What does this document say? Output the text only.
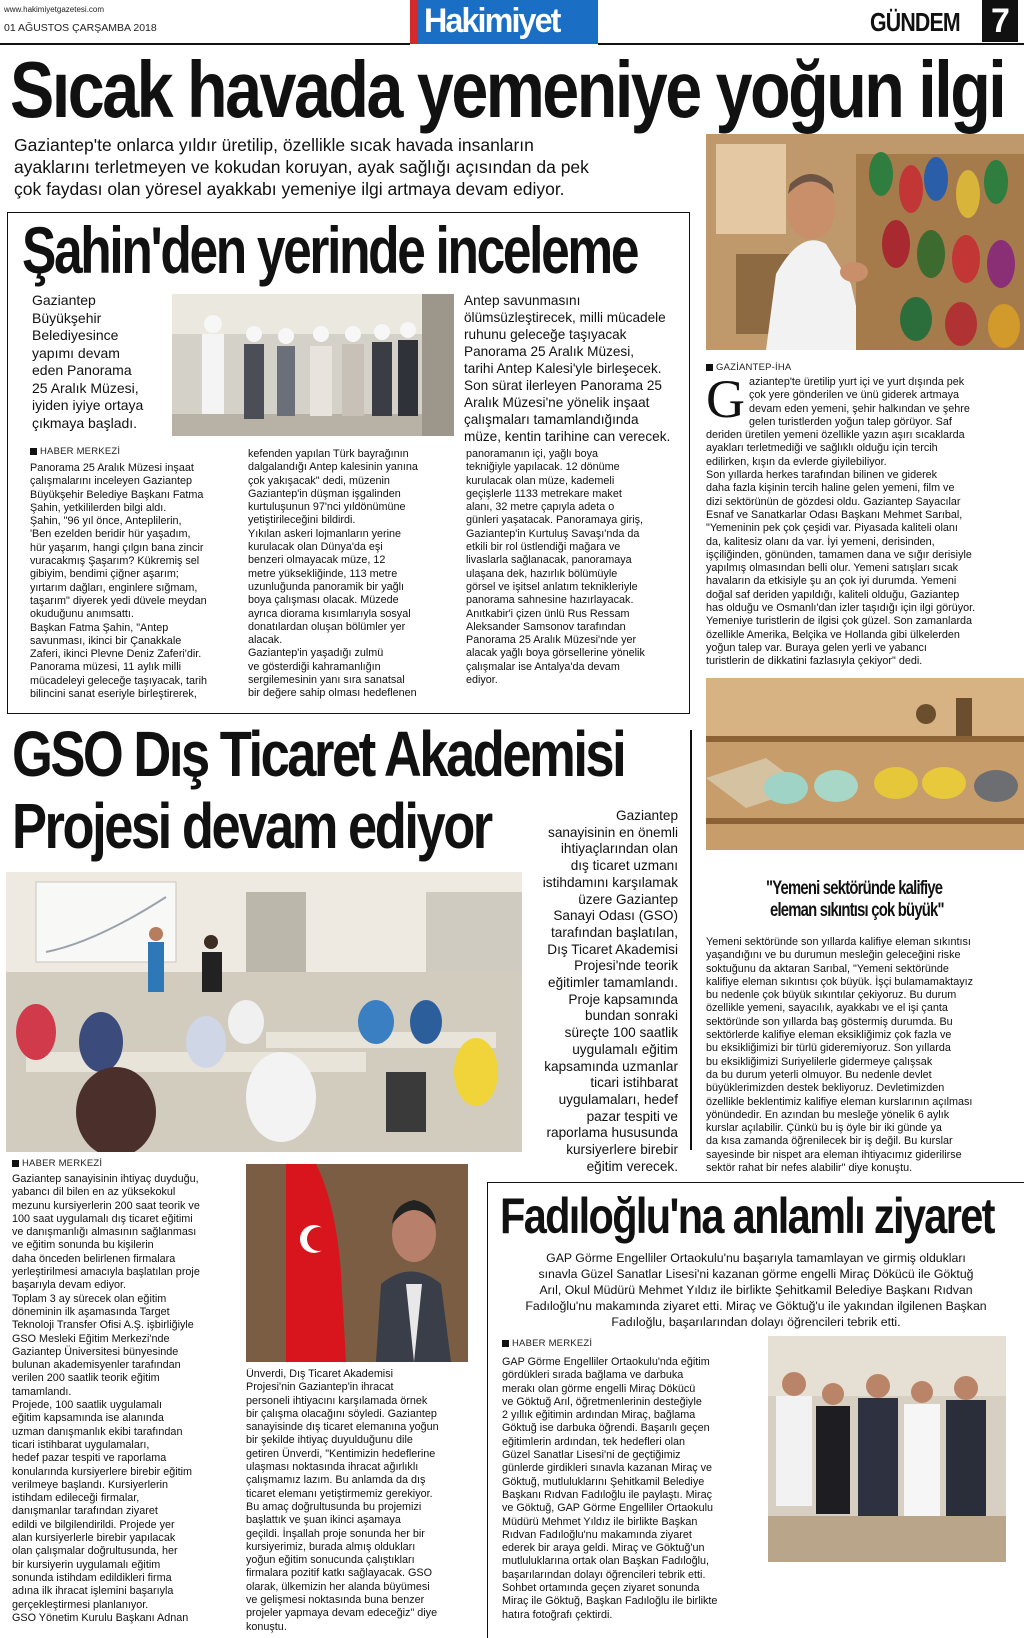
www.hakimiyetgazetesi.com
01 AĞUSTOS ÇARŞAMBA 2018	Hakimiyet	GÜNDEM 7
Sıcak havada yemeniye yoğun ilgi
Gaziantep'te onlarca yıldır üretilip, özellikle sıcak havada insanların
ayaklarını terletmeyen ve kokudan koruyan, ayak sağlığı açısından da pek
çok faydası olan yöresel ayakkabı yemeniye ilgi artmaya devam ediyor.
GAZİANTEP-İHA
G aziantep'te üretilip yurt içi ve yurt dışında pek
çok yere gönderilen ve ünü giderek artmaya
devam eden yemeni, şehir halkından ve şehre
gelen turistlerden yoğun talep görüyor. Saf
deriden üretilen yemeni özellikle yazın aşırı sıcaklarda
ayakları terletmediği ve sağlıklı olduğu için tercih
edilirken, kışın da evlerde giyilebiliyor.
Son yıllarda herkes tarafından bilinen ve giderek
daha fazla kişinin tercih haline gelen yemeni, film ve
dizi sektörünün de gözdesi oldu. Gaziantep Sayacılar
Esnaf ve Sanatkarlar Odası Başkanı Mehmet Sarıbal,
"Yemeninin pek çok çeşidi var. Piyasada kaliteli olanı
da, kalitesiz olanı da var. İyi yemeni, derisinden,
işçiliğinden, gönünden, tamamen dana ve sığır derisiyle
yapılmış olmasından belli olur. Yemeni satışları sıcak
havaların da etkisiyle şu an çok iyi durumda. Yemeni
doğal saf deriden yapıldığı, kaliteli olduğu, Gaziantep
has olduğu ve Osmanlı'dan izler taşıdığı için ilgi görüyor.
Yemeniye turistlerin de ilgisi çok güzel. Son zamanlarda
özellikle Amerika, Belçika ve Hollanda gibi ülkelerden
yoğun talep var. Buraya gelen yerli ve yabancı
turistlerin de dikkatini fazlasıyla çekiyor" dedi.
"Yemeni sektöründe kalifiye
eleman sıkıntısı çok büyük"
Yemeni sektöründe son yıllarda kalifiye eleman sıkıntısı
yaşandığını ve bu durumun mesleğin geleceğini riske
soktuğunu da aktaran Sarıbal, "Yemeni sektöründe
kalifiye eleman sıkıntısı çok büyük. İşçi bulamamaktayız
bu nedenle çok büyük sıkıntılar çekiyoruz. Bu durum
özellikle yemeni, sayacılık, ayakkabı ve el işi çanta
sektöründe son yıllarda baş göstermiş durumda. Bu
sektörlerde kalifiye eleman eksikliğimiz çok fazla ve
bu eksikliğimizi bir türlü gideremiyoruz. Son yıllarda
bu eksikliğimizi Suriyelilerle gidermeye çalışsak
da bu durum yeterli olmuyor. Bu nedenle devlet
büyüklerimizden destek bekliyoruz. Devletimizden
özellikle beklentimiz kalifiye eleman kurslarının açılması
yönündedir. En azından bu mesleğe yönelik 6 aylık
kurslar açılabilir. Çünkü bu iş öyle bir iki günde ya
da kısa zamanda öğrenilecek bir iş değil. Bu kurslar
sayesinde bir nispet ara eleman ihtiyacımız giderilirse
sektör rahat bir nefes alabilir" diye konuştu.
Şahin'den yerinde inceleme
Gaziantep
Büyükşehir
Belediyesince
yapımı devam
eden Panorama
25 Aralık Müzesi,
iyiden iyiye ortaya
çıkmaya başladı.
Antep savunmasını
ölümsüzleştirecek, milli mücadele
ruhunu geleceğe taşıyacak
Panorama 25 Aralık Müzesi,
tarihi Antep Kalesi'yle birleşecek.
Son sürat ilerleyen Panorama 25
Aralık Müzesi'ne yönelik inşaat
çalışmaları tamamlandığında
müze, kentin tarihine can verecek.
HABER MERKEZİ
Panorama 25 Aralık Müzesi inşaat
çalışmalarını inceleyen Gaziantep
Büyükşehir Belediye Başkanı Fatma
Şahin, yetkililerden bilgi aldı.
Şahin, "96 yıl önce, Anteplilerin,
'Ben ezelden beridir hür yaşadım,
hür yaşarım, hangi çılgın bana zincir
vuracakmış Şaşarım? Kükremiş sel
gibiyim, bendimi çiğner aşarım;
yırtarım dağları, enginlere sığmam,
taşarım" diyerek yedi düvele meydan
okuduğunu anımsattı.
Başkan Fatma Şahin, "Antep
savunması, ikinci bir Çanakkale
Zaferi, ikinci Plevne Deniz Zaferi'dir.
Panorama müzesi, 11 aylık milli
mücadeleyi geleceğe taşıyacak, tarih
bilincini sanat eseriyle birleştirerek,
kefenden yapılan Türk bayrağının
dalgalandığı Antep kalesinin yanına
çok yakışacak" dedi, müzenin
Gaziantep'in düşman işgalinden
kurtuluşunun 97'nci yıldönümüne
yetiştirileceğini bildirdi.
Yıkılan askeri lojmanların yerine
kurulacak olan Dünya'da eşi
benzeri olmayacak müze, 12
metre yüksekliğinde, 113 metre
uzunluğunda panoramik bir yağlı
boya çalışması olacak. Müzede
ayrıca diorama kısımlarıyla sosyal
donatılardan oluşan bölümler yer
alacak.
Gaziantep'in yaşadığı zulmü
ve gösterdiği kahramanlığın
sergilemesinin yanı sıra sanatsal
bir değere sahip olması hedeflenen
panoramanın içi, yağlı boya
tekniğiyle yapılacak. 12 dönüme
kurulacak olan müze, kademeli
geçişlerle 1133 metrekare maket
alanı, 32 metre çapıyla adeta o
günleri yaşatacak. Panoramaya giriş,
Gaziantep'in Kurtuluş Savaşı'nda da
etkili bir rol üstlendiği mağara ve
livaslarla sağlanacak, panoramaya
ulaşana dek, hazırlık bölümüyle
görsel ve işitsel anlatım teknikleriyle
panorama sahnesine hazırlayacak.
Anıtkabir'i çizen ünlü Rus Ressam
Aleksander Samsonov tarafından
Panorama 25 Aralık Müzesi'nde yer
alacak yağlı boya görsellerine yönelik
çalışmalar ise Antalya'da devam
ediyor.
GSO Dış Ticaret Akademisi
Projesi devam ediyor	Gaziantep
sanayisinin en önemli
ihtiyaçlarından olan
dış ticaret uzmanı
istihdamını karşılamak
üzere Gaziantep
Sanayi Odası (GSO)
tarafından başlatılan,
Dış Ticaret Akademisi
Projesi'nde teorik
eğitimler tamamlandı.
Proje kapsamında
bundan sonraki
süreçte 100 saatlik
uygulamalı eğitim
kapsamında uzmanlar
ticari istihbarat
uygulamaları, hedef
pazar tespiti ve
raporlama hususunda
kursiyerlere birebir
eğitim verecek.
HABER MERKEZİ
Gaziantep sanayisinin ihtiyaç duyduğu,
yabancı dil bilen en az yüksekokul
mezunu kursiyerlerin 200 saat teorik ve
100 saat uygulamalı dış ticaret eğitimi
ve danışmanlığı almasının sağlanması
ve eğitim sonunda bu kişilerin
daha önceden belirlenen firmalara
yerleştirilmesi amacıyla başlatılan proje
başarıyla devam ediyor.
Toplam 3 ay sürecek olan eğitim
döneminin ilk aşamasında Target
Teknoloji Transfer Ofisi A.Ş. işbirliğiyle
GSO Mesleki Eğitim Merkezi'nde
Gaziantep Üniversitesi bünyesinde
bulunan akademisyenler tarafından
verilen 200 saatlik teorik eğitim
tamamlandı.
Projede, 100 saatlik uygulamalı
eğitim kapsamında ise alanında
uzman danışmanlık ekibi tarafından
ticari istihbarat uygulamaları,
hedef pazar tespiti ve raporlama
konularında kursiyerlere birebir eğitim
verilmeye başlandı. Kursiyerlerin
istihdam edileceği firmalar,
danışmanlar tarafından ziyaret
edildi ve bilgilendirildi. Projede yer
alan kursiyerlerle birebir yapılacak
olan çalışmalar doğrultusunda, her
bir kursiyerin uygulamalı eğitim
sonunda istihdam edildikleri firma
adına ilk ihracat işlemini başarıyla
gerçekleştirmesi planlanıyor.
GSO Yönetim Kurulu Başkanı Adnan
Ünverdi, Dış Ticaret Akademisi
Projesi'nin Gaziantep'in ihracat
personeli ihtiyacını karşılamada örnek
bir çalışma olacağını söyledi. Gaziantep
sanayisinde dış ticaret elemanına yoğun
bir şekilde ihtiyaç duyulduğunu dile
getiren Ünverdi, "Kentimizin hedeflerine
ulaşması noktasında ihracat ağırlıklı
çalışmamız lazım. Bu anlamda da dış
ticaret elemanı yetiştirmemiz gerekiyor.
Bu amaç doğrultusunda bu projemizi
başlattık ve şuan ikinci aşamaya
geçildi. İnşallah proje sonunda her bir
kursiyerimiz, burada almış oldukları
yoğun eğitim sonucunda çalıştıkları
firmalara pozitif katkı sağlayacak. GSO
olarak, ülkemizin her alanda büyümesi
ve gelişmesi noktasında buna benzer
projeler yapmaya devam edeceğiz" diye
konuştu.
Fadıloğlu'na anlamlı ziyaret
GAP Görme Engelliler Ortaokulu'nu başarıyla tamamlayan ve girmiş oldukları
sınavla Güzel Sanatlar Lisesi'ni kazanan görme engelli Miraç Dökücü ile Göktuğ
Arıl, Okul Müdürü Mehmet Yıldız ile birlikte Şehitkamil Belediye Başkanı Rıdvan
Fadıloğlu'nu makamında ziyaret etti. Miraç ve Göktuğ'u ile yakından ilgilenen Başkan
Fadıloğlu, başarılarından dolayı öğrencileri tebrik etti.
HABER MERKEZİ
GAP Görme Engelliler Ortaokulu'nda eğitim
gördükleri sırada bağlama ve darbuka
merakı olan görme engelli Miraç Dökücü
ve Göktuğ Arıl, öğretmenlerinin desteğiyle
2 yıllık eğitimin ardından Miraç, bağlama
Göktuğ ise darbuka öğrendi. Başarılı geçen
eğitimlerin ardından, tek hedefleri olan
Güzel Sanatlar Lisesi'ni de geçtiğimiz
günlerde girdikleri sınavla kazanan Miraç ve
Göktuğ, mutluluklarını Şehitkamil Belediye
Başkanı Rıdvan Fadıloğlu ile paylaştı. Miraç
ve Göktuğ, GAP Görme Engelliler Ortaokulu
Müdürü Mehmet Yıldız ile birlikte Başkan
Rıdvan Fadıloğlu'nu makamında ziyaret
ederek bir araya geldi. Miraç ve Göktuğ'un
mutluluklarına ortak olan Başkan Fadıloğlu,
başarılarından dolayı öğrencileri tebrik etti.
Sohbet ortamında geçen ziyaret sonunda
Miraç ile Göktuğ, Başkan Fadıloğlu ile birlikte
hatıra fotoğrafı çektirdi.
